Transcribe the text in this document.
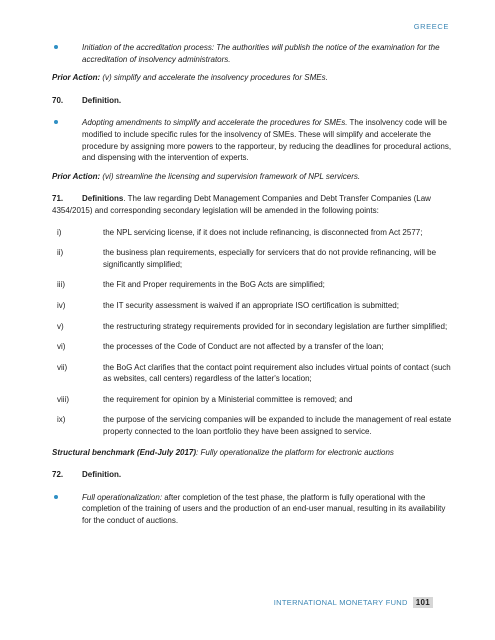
GREECE
Initiation of the accreditation process: The authorities will publish the notice of the examination for the accreditation of insolvency administrators.
Prior Action: (v) simplify and accelerate the insolvency procedures for SMEs.
70. Definition.
Adopting amendments to simplify and accelerate the procedures for SMEs. The insolvency code will be modified to include specific rules for the insolvency of SMEs. These will simplify and accelerate the procedure by assigning more powers to the rapporteur, by reducing the deadlines for procedural actions, and dispensing with the intervention of experts.
Prior Action: (vi) streamline the licensing and supervision framework of NPL servicers.
71. Definitions. The law regarding Debt Management Companies and Debt Transfer Companies (Law 4354/2015) and corresponding secondary legislation will be amended in the following points:
i)	the NPL servicing license, if it does not include refinancing, is disconnected from Act 2577;
ii)	the business plan requirements, especially for servicers that do not provide refinancing, will be significantly simplified;
iii)	the Fit and Proper requirements in the BoG Acts are simplified;
iv)	the IT security assessment is waived if an appropriate ISO certification is submitted;
v)	the restructuring strategy requirements provided for in secondary legislation are further simplified;
vi)	the processes of the Code of Conduct are not affected by a transfer of the loan;
vii)	the BoG Act clarifies that the contact point requirement also includes virtual points of contact (such as websites, call centers) regardless of the latter's location;
viii)	the requirement for opinion by a Ministerial committee is removed; and
ix)	the purpose of the servicing companies will be expanded to include the management of real estate property connected to the loan portfolio they have been assigned to service.
Structural benchmark (End-July 2017): Fully operationalize the platform for electronic auctions
72. Definition.
Full operationalization: after completion of the test phase, the platform is fully operational with the completion of the training of users and the production of an end-user manual, resulting in its availability for the conduct of auctions.
INTERNATIONAL MONETARY FUND	101
